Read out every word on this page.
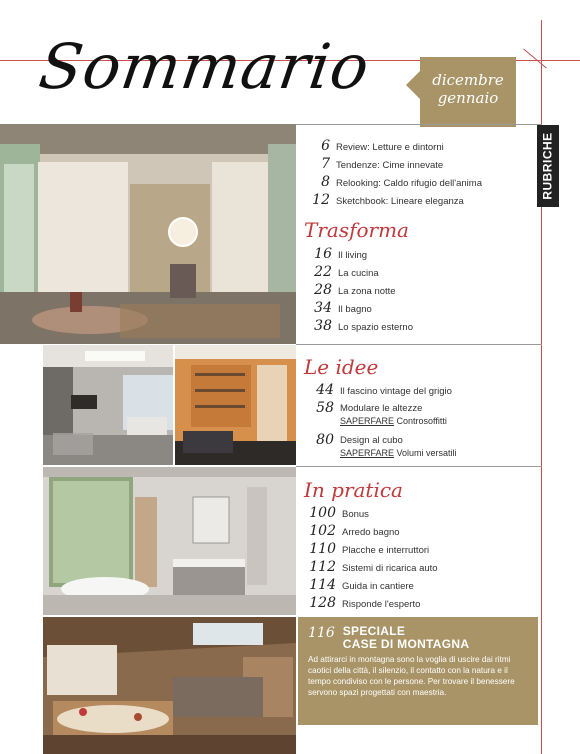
Sommario	dicembre
gennaio
RUBRICHE
6 Review: Letture e dintorni
7 Tendenze: Cime innevate
8 Relooking: Caldo rifugio dell'anima
12 Sketchbook: Lineare eleganza
Trasforma
16 Il living
22 La cucina
28 La zona notte
34 Il bagno
38 Lo spazio esterno
Le idee
44 Il fascino vintage del grigio
58 Modulare le altezze
SAPERFARE Controsoffitti
80 Design al cubo
SAPERFARE Volumi versatili
In pratica
100 Bonus
102 Arredo bagno
110 Placche e interruttori
112 Sistemi di ricarica auto
114 Guida in cantiere
128 Risponde l'esperto
116 SPECIALE
CASE DI MONTAGNA
Ad attirarci in montagna sono la voglia di uscire dai ritmi caotici della città, il silenzio, il contatto con la natura e il tempo condiviso con le persone. Per trovare il benessere servono spazi progettati con maestria.
